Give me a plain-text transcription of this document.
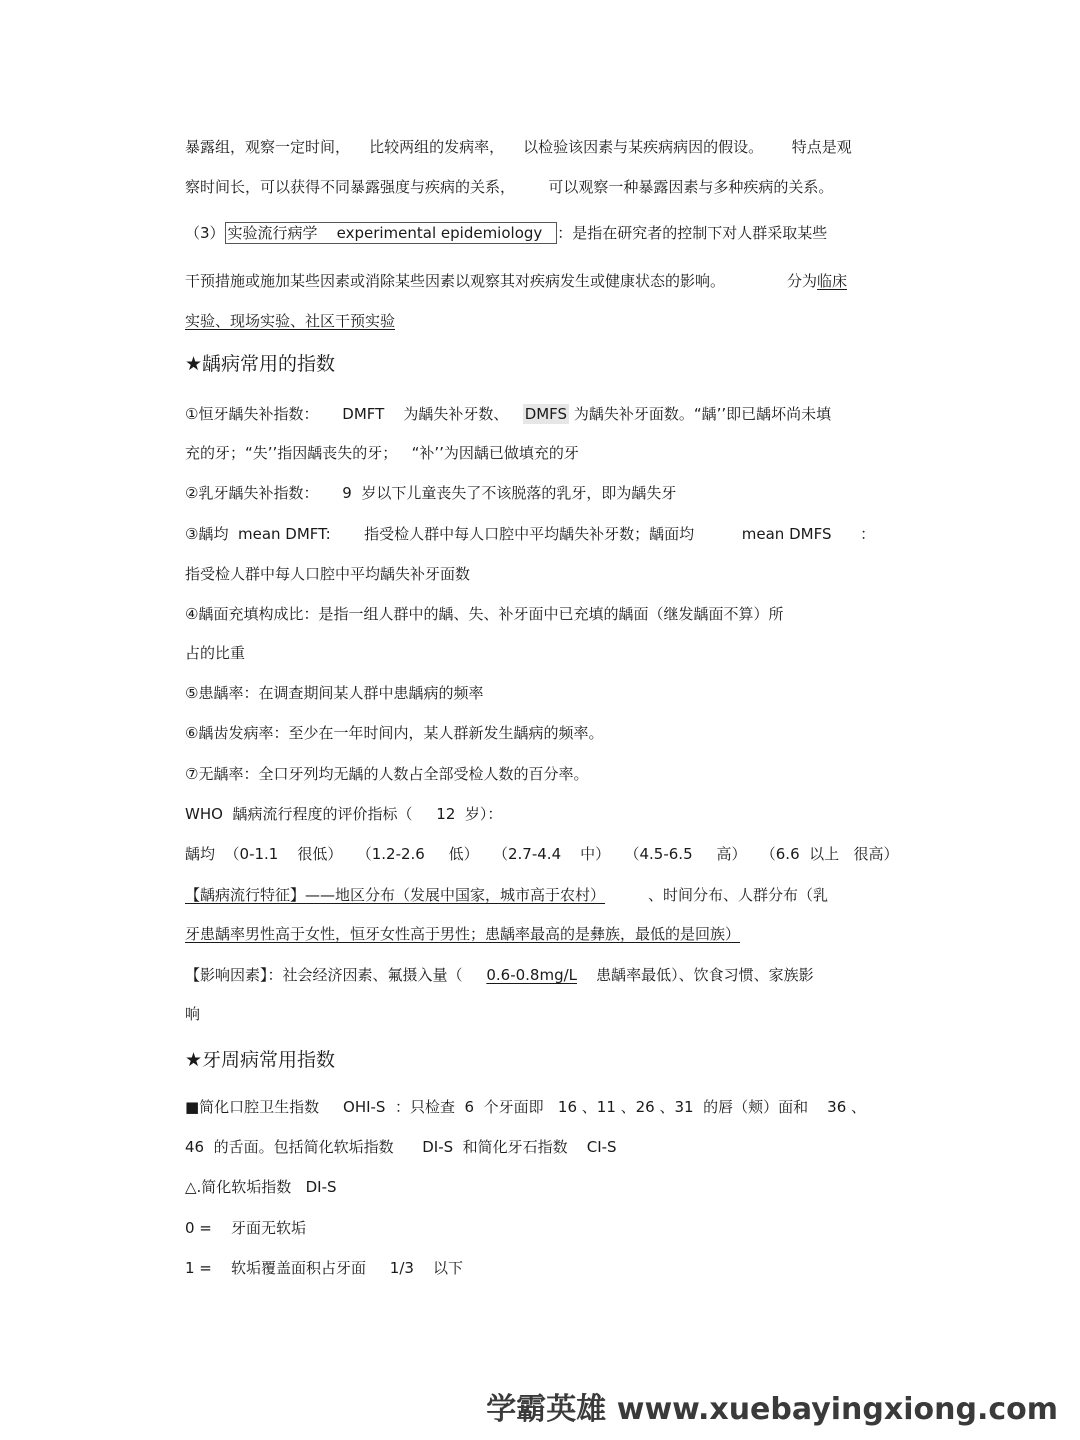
暴露组，观察一定时间，    比较两组的发病率，    以检验该因素与某疾病病因的假设。      特点是观
察时间长，可以获得不同暴露强度与疾病的关系，       可以观察一种暴露因素与多种疾病的关系。
（3） 实验流行病学    experimental epidemiology ：是指在研究者的控制下对人群采取某些
干预措施或施加某些因素或消除某些因素以观察其对疾病发生或健康状态的影响。             分为临床
实验、现场实验、社区干预实验
★龋病常用的指数
①恒牙龋失补指数：     DMFT    为龋失补牙数、   DMFS 为龋失补牙面数。“龋’’即已龋坏尚未填
充的牙；“失’’指因龋丧失的牙；   “补’’为因龋已做填充的牙
②乳牙龋失补指数：     9  岁以下儿童丧失了不该脱落的乳牙，即为龋失牙
③龋均  mean DMFT:       指受检人群中每人口腔中平均龋失补牙数；龋面均          mean DMFS      ：
指受检人群中每人口腔中平均龋失补牙面数
④龋面充填构成比：是指一组人群中的龋、失、补牙面中已充填的龋面（继发龋面不算）所
占的比重
⑤患龋率：在调查期间某人群中患龋病的频率
⑥龋齿发病率：至少在一年时间内，某人群新发生龋病的频率。
⑦无龋率：全口牙列均无龋的人数占全部受检人数的百分率。
WHO  龋病流行程度的评价指标（     12  岁）：
龋均  （0-1.1    很低）   （1.2-2.6     低）   （2.7-4.4    中）   （4.5-6.5     高）   （6.6  以上   很高）
【龋病流行特征】——地区分布（发展中国家，城市高于农村）	、时间分布、人群分布（乳
牙患龋率男性高于女性，恒牙女性高于男性；患龋率最高的是彝族，最低的是回族）
【影响因素】：社会经济因素、氟摄入量（     0.6-0.8mg/L 患龋率最低）、饮食习惯、家族影
响
★牙周病常用指数
■简化口腔卫生指数     OHI-S  ：只检查  6  个牙面即   16 、11 、26 、31  的唇（颊）面和    36 、
46  的舌面。包括简化软垢指数      DI-S  和简化牙石指数    CI-S
△.简化软垢指数   DI-S
0 =    牙面无软垢
1 =    软垢覆盖面积占牙面     1/3    以下
学霸英雄 www.xuebayingxiong.com
